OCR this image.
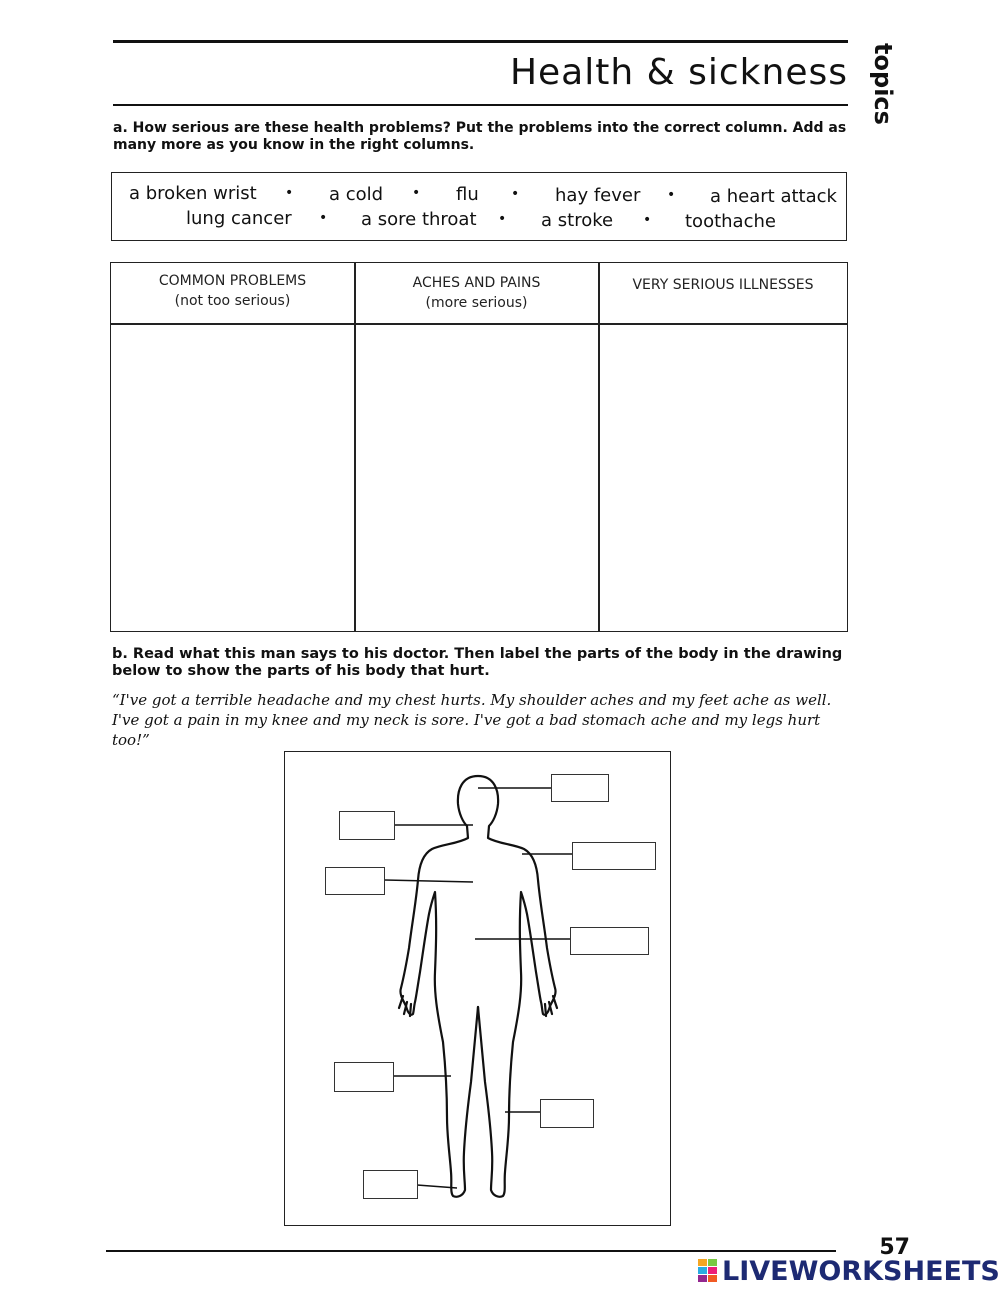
Health & sickness topics
a. How serious are these health problems? Put the problems into the correct column. Add as many more as you know in the right columns.
a broken wrist • a cold • flu • hay fever • a heart attack
lung cancer • a sore throat • a stroke • toothache
COMMON PROBLEMS
(not too serious)
ACHES AND PAINS
(more serious)
VERY SERIOUS ILLNESSES
b. Read what this man says to his doctor. Then label the parts of the body in the drawing below to show the parts of his body that hurt.
“I've got a terrible headache and my chest hurts. My shoulder aches and my feet ache as well. I've got a pain in my knee and my neck is sore. I've got a bad stomach ache and my legs hurt too!”
57
LIVEWORKSHEETS
